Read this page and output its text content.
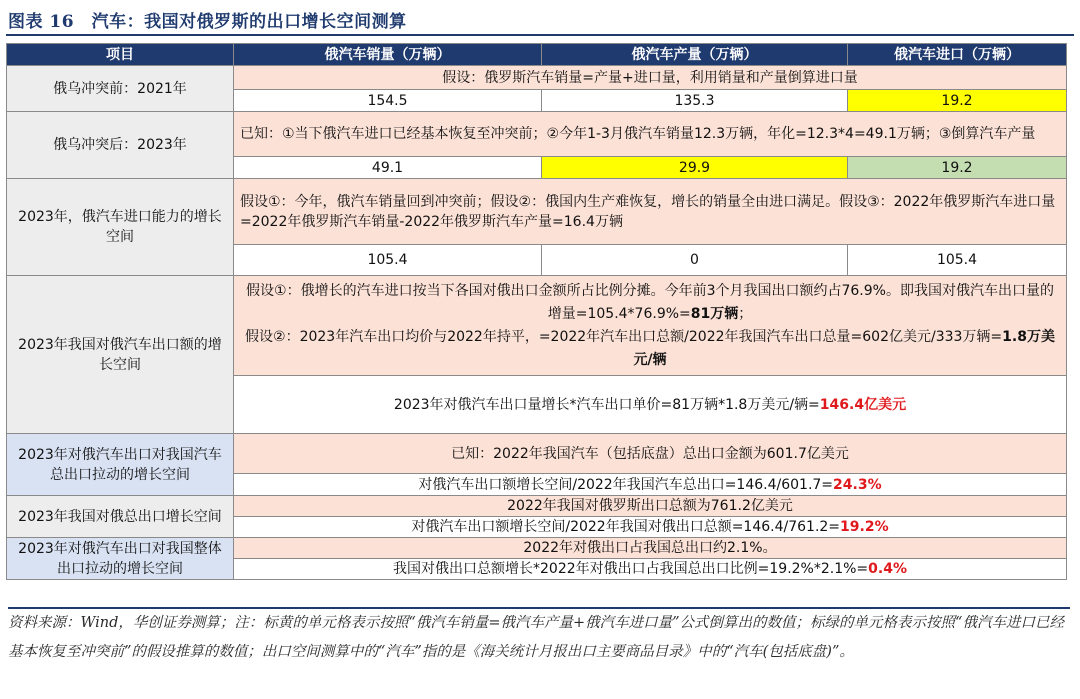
图表 16　汽车：我国对俄罗斯的出口增长空间测算
项目	俄汽车销量（万辆）	俄汽车产量（万辆）	俄汽车进口（万辆）
俄乌冲突前：2021年	假设：俄罗斯汽车销量=产量+进口量，利用销量和产量倒算进口量		
	154.5	135.3	19.2
俄乌冲突后：2023年	已知：①当下俄汽车进口已经基本恢复至冲突前；②今年1-3月俄汽车销量12.3万辆，年化=12.3*4=49.1万辆；③倒算汽车产量		
	49.1	29.9	19.2
2023年，俄汽车进口能力的增长空间	假设①：今年，俄汽车销量回到冲突前；假设②：俄国内生产难恢复，增长的销量全由进口满足。假设③：2022年俄罗斯汽车进口量=2022年俄罗斯汽车销量-2022年俄罗斯汽车产量=16.4万辆		
	105.4	0	105.4
2023年我国对俄汽车出口额的增长空间	假设①：俄增长的汽车进口按当下各国对俄出口金额所占比例分摊。今年前3个月我国出口额约占76.9%。即我国对俄汽车出口量的增量=105.4*76.9%=81万辆；
假设②：2023年汽车出口均价与2022年持平，=2022年汽车出口总额/2022年我国汽车出口总量=602亿美元/333万辆=1.8万美元/辆		
	2023年对俄汽车出口量增长*汽车出口单价=81万辆*1.8万美元/辆=146.4亿美元		
2023年对俄汽车出口对我国汽车总出口拉动的增长空间	已知：2022年我国汽车（包括底盘）总出口金额为601.7亿美元		
	对俄汽车出口额增长空间/2022年我国汽车总出口=146.4/601.7=24.3%		
2023年我国对俄总出口增长空间	2022年我国对俄罗斯出口总额为761.2亿美元		
	对俄汽车出口额增长空间/2022年我国对俄出口总额=146.4/761.2=19.2%		
2023年对俄汽车出口对我国整体出口拉动的增长空间	2022年对俄出口占我国总出口约2.1%。		
	我国对俄出口总额增长*2022年对俄出口占我国总出口比例=19.2%*2.1%=0.4%		
资料来源：Wind，华创证券测算；注：标黄的单元格表示按照“俄汽车销量=俄汽车产量+俄汽车进口量”公式倒算出的数值；标绿的单元格表示按照“俄汽车进口已经基本恢复至冲突前”的假设推算的数值；出口空间测算中的“汽车”指的是《海关统计月报出口主要商品目录》中的“汽车(包括底盘)”。
